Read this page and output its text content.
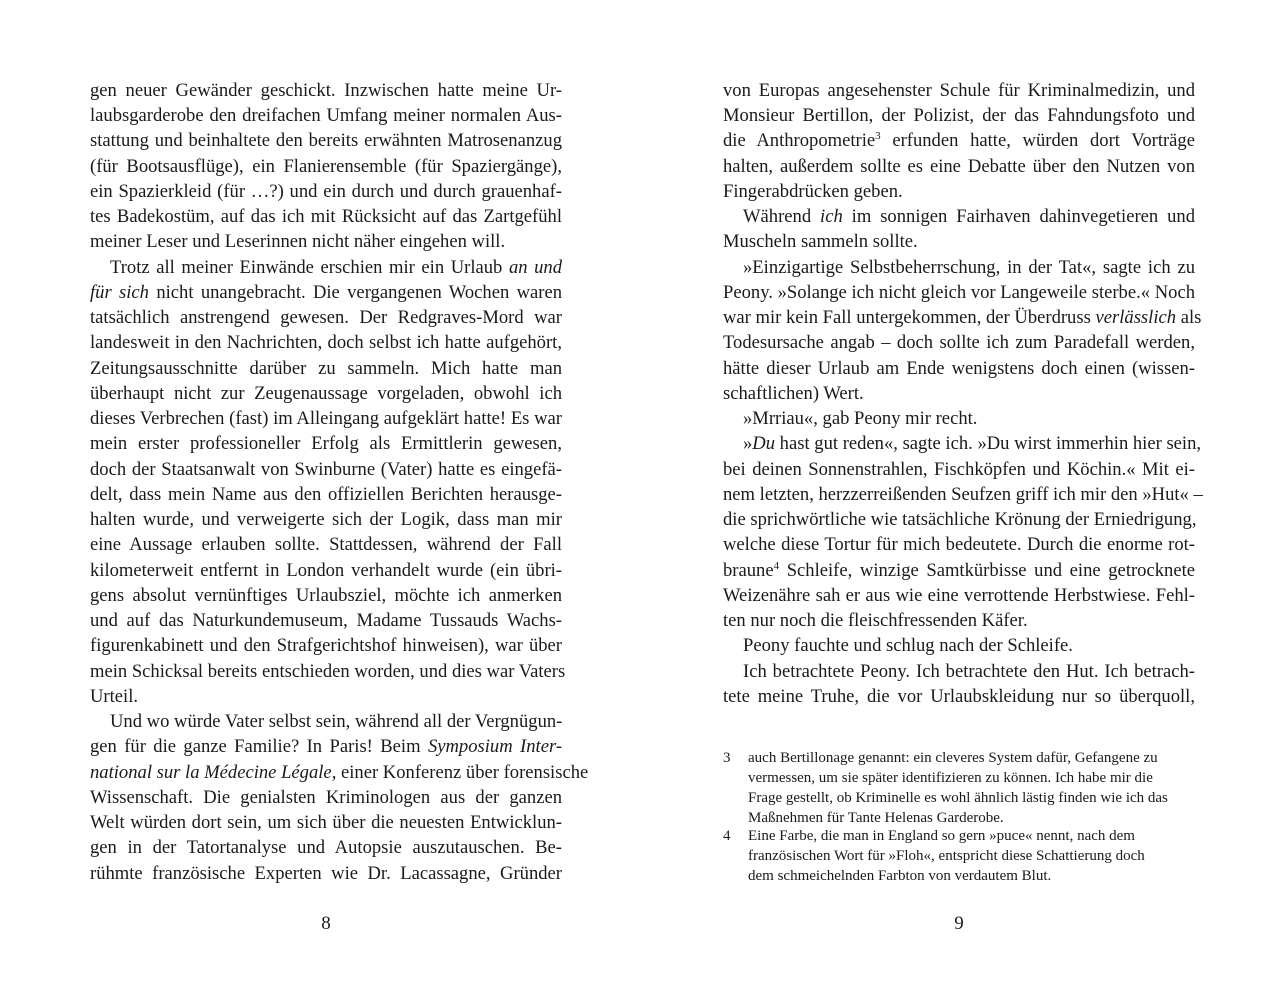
gen neuer Gewänder geschickt. Inzwischen hatte meine Ur-
laubsgarderobe den dreifachen Umfang meiner normalen Aus-
stattung und beinhaltete den bereits erwähnten Matrosenanzug
(für Bootsausflüge), ein Flanierensemble (für Spaziergänge),
ein Spazierkleid (für …?) und ein durch und durch grauenhaf-
tes Badekostüm, auf das ich mit Rücksicht auf das Zartgefühl
meiner Leser und Leserinnen nicht näher eingehen will.
Trotz all meiner Einwände erschien mir ein Urlaub an und
für sich nicht unangebracht. Die vergangenen Wochen waren
tatsächlich anstrengend gewesen. Der Redgraves-Mord war
landesweit in den Nachrichten, doch selbst ich hatte aufgehört,
Zeitungsausschnitte darüber zu sammeln. Mich hatte man
überhaupt nicht zur Zeugenaussage vorgeladen, obwohl ich
dieses Verbrechen (fast) im Alleingang aufgeklärt hatte! Es war
mein erster professioneller Erfolg als Ermittlerin gewesen,
doch der Staatsanwalt von Swinburne (Vater) hatte es eingefä-
delt, dass mein Name aus den offiziellen Berichten herausge-
halten wurde, und verweigerte sich der Logik, dass man mir
eine Aussage erlauben sollte. Stattdessen, während der Fall
kilometerweit entfernt in London verhandelt wurde (ein übri-
gens absolut vernünftiges Urlaubsziel, möchte ich anmerken
und auf das Naturkundemuseum, Madame Tussauds Wachs-
figurenkabinett und den Strafgerichtshof hinweisen), war über
mein Schicksal bereits entschieden worden, und dies war Vaters
Urteil.
Und wo würde Vater selbst sein, während all der Vergnügun-
gen für die ganze Familie? In Paris! Beim Symposium Inter-
national sur la Médecine Légale, einer Konferenz über forensische
Wissenschaft. Die genialsten Kriminologen aus der ganzen
Welt würden dort sein, um sich über die neuesten Entwicklun-
gen in der Tatortanalyse und Autopsie auszutauschen. Be-
rühmte französische Experten wie Dr. Lacassagne, Gründer
8
von Europas angesehenster Schule für Kriminalmedizin, und
Monsieur Bertillon, der Polizist, der das Fahndungsfoto und
die Anthropometrie$^3$ erfunden hatte, würden dort Vorträge
halten, außerdem sollte es eine Debatte über den Nutzen von
Fingerabdrücken geben.
Während ich im sonnigen Fairhaven dahinvegetieren und
Muscheln sammeln sollte.
»Einzigartige Selbstbeherrschung, in der Tat«, sagte ich zu
Peony. »Solange ich nicht gleich vor Langeweile sterbe.« Noch
war mir kein Fall untergekommen, der Überdruss verlässlich als
Todesursache angab – doch sollte ich zum Paradefall werden,
hätte dieser Urlaub am Ende wenigstens doch einen (wissen-
schaftlichen) Wert.
»Mrriau«, gab Peony mir recht.
»Du hast gut reden«, sagte ich. »Du wirst immerhin hier sein,
bei deinen Sonnenstrahlen, Fischköpfen und Köchin.« Mit ei-
nem letzten, herzzerreißenden Seufzen griff ich mir den »Hut« –
die sprichwörtliche wie tatsächliche Krönung der Erniedrigung,
welche diese Tortur für mich bedeutete. Durch die enorme rot-
braune$^4$ Schleife, winzige Samtkürbisse und eine getrocknete
Weizenähre sah er aus wie eine verrottende Herbstwiese. Fehl-
ten nur noch die fleischfressenden Käfer.
Peony fauchte und schlug nach der Schleife.
Ich betrachtete Peony. Ich betrachtete den Hut. Ich betrach-
tete meine Truhe, die vor Urlaubskleidung nur so überquoll,
3 auch Bertillonage genannt: ein cleveres System dafür, Gefangene zu
vermessen, um sie später identifizieren zu können. Ich habe mir die
Frage gestellt, ob Kriminelle es wohl ähnlich lästig finden wie ich das
Maßnehmen für Tante Helenas Garderobe.
4 Eine Farbe, die man in England so gern »puce« nennt, nach dem
französischen Wort für »Floh«, entspricht diese Schattierung doch
dem schmeichelnden Farbton von verdautem Blut.
9
